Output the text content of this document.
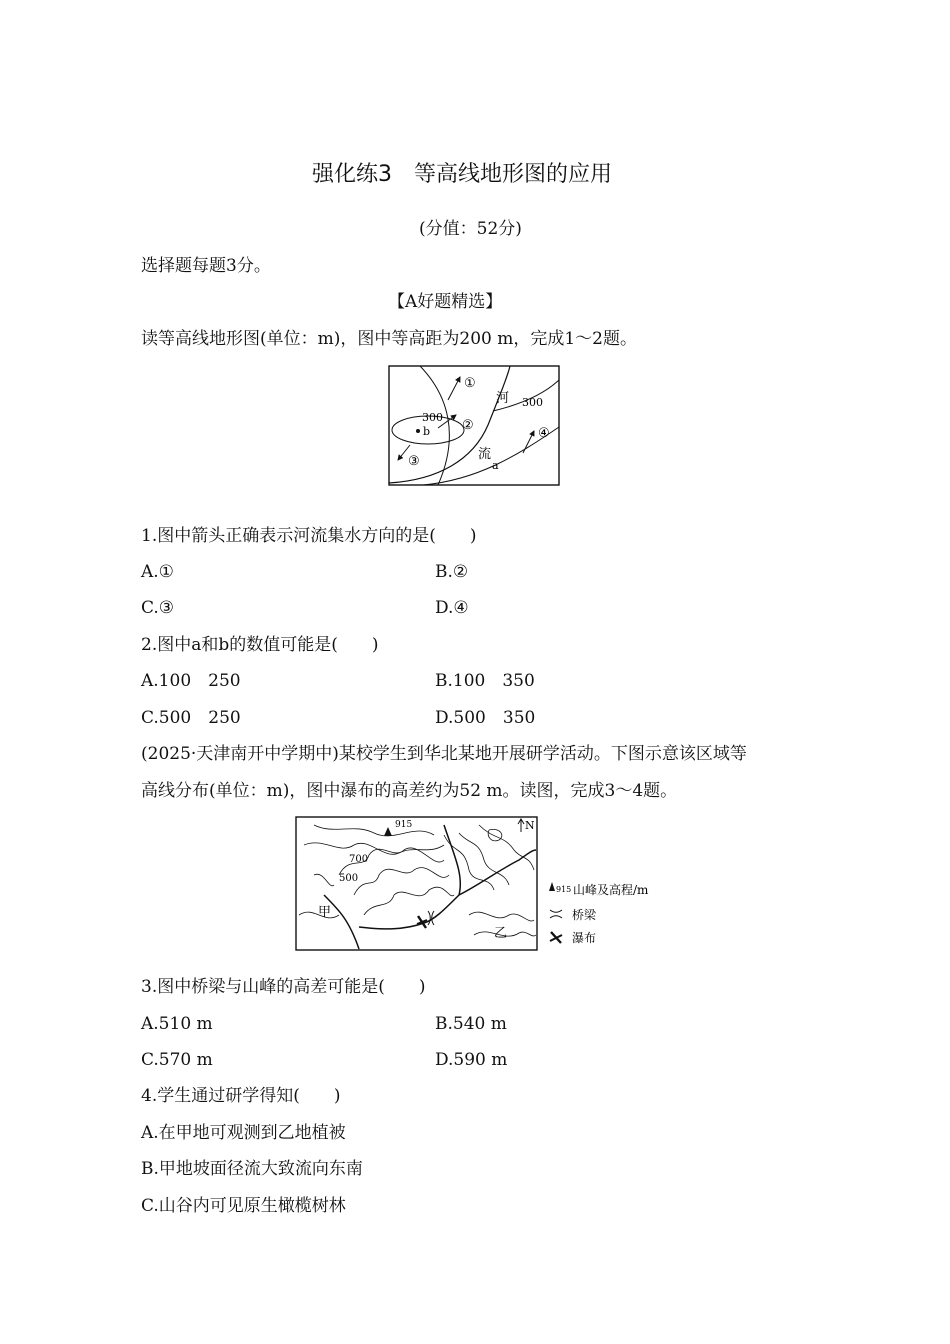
强化练3　等高线地形图的应用
(分值：52分)
选择题每题3分。
【A好题精选】
读等高线地形图(单位：m)，图中等高距为200 m，完成1～2题。
①
②
③
④
河
流
a
b
300
300
1.图中箭头正确表示河流集水方向的是(　　)
A.①	B.②
C.③	D.④
2.图中a和b的数值可能是(　　)
A.100　250	B.100　350
C.500　250	D.500　350
(2025·天津南开中学期中)某校学生到华北某地开展研学活动。下图示意该区域等
高线分布(单位：m)，图中瀑布的高差约为52 m。读图，完成3～4题。
915
700
500
甲
乙
N
915 山峰及高程/m
桥梁
瀑布
3.图中桥梁与山峰的高差可能是(　　)
A.510 m	B.540 m
C.570 m	D.590 m
4.学生通过研学得知(　　)
A.在甲地可观测到乙地植被
B.甲地坡面径流大致流向东南
C.山谷内可见原生橄榄树林
